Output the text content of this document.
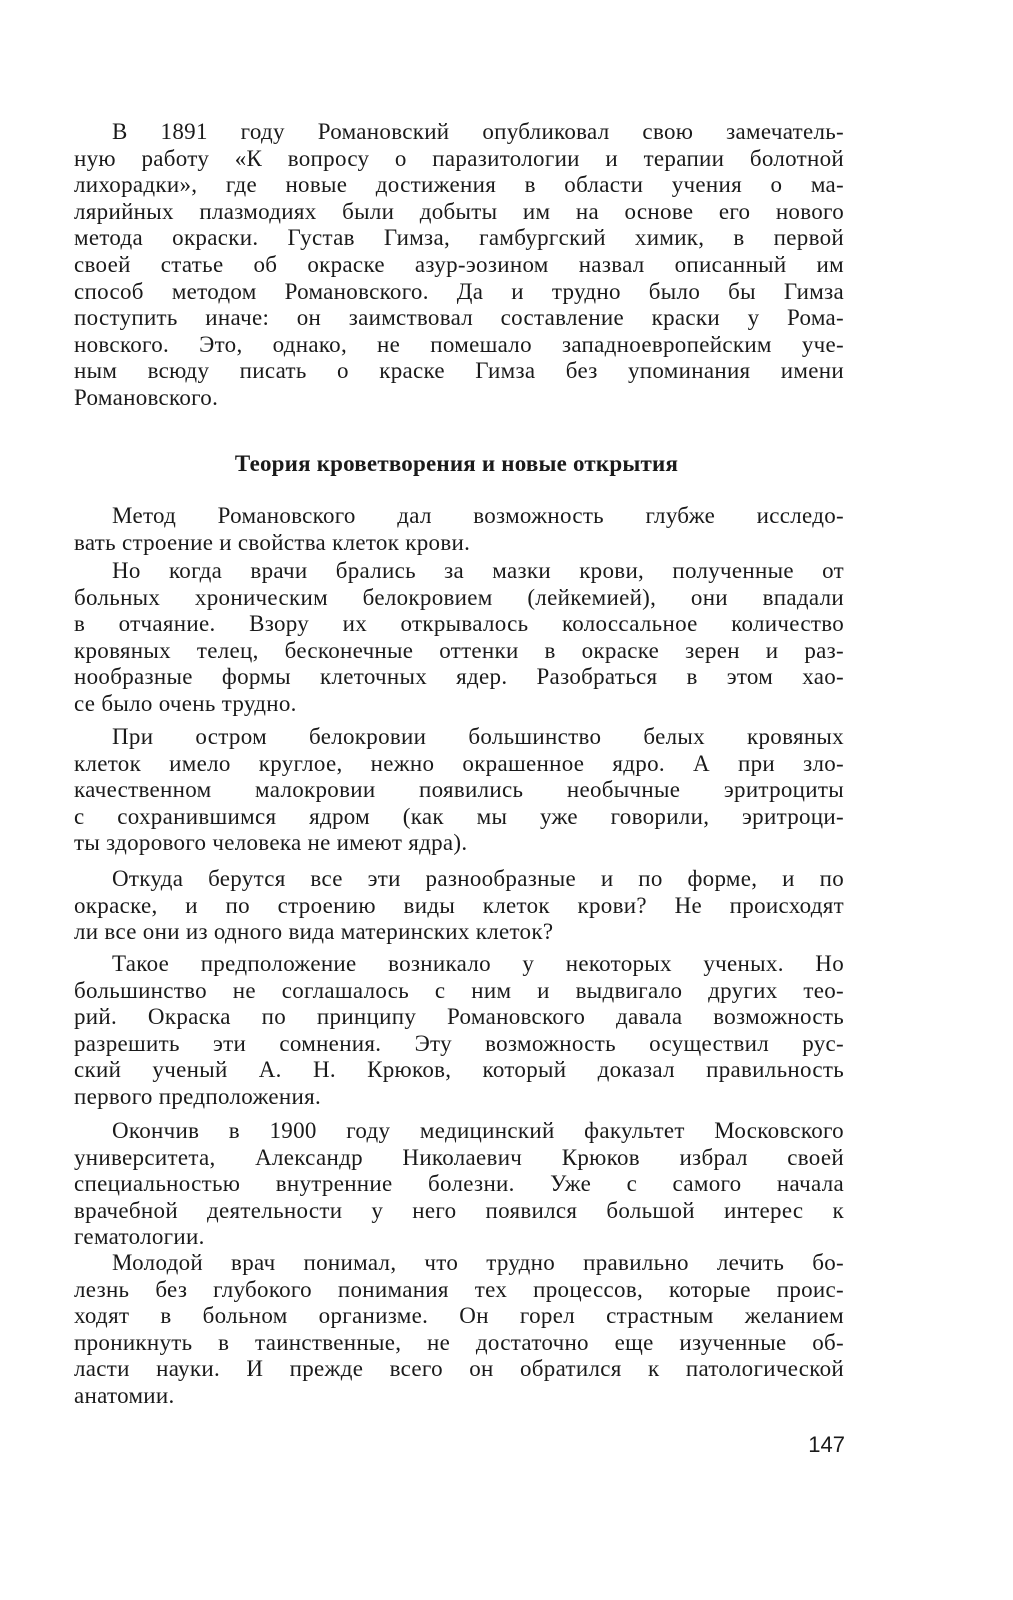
В 1891 году Романовский опубликовал свою замечатель-
ную работу «К вопросу о паразитологии и терапии болотной
лихорадки», где новые достижения в области учения о ма-
лярийных плазмодиях были добыты им на основе его нового
метода окраски. Густав Гимза, гамбургский химик, в первой
своей статье об окраске азур-эозином назвал описанный им
способ методом Романовского. Да и трудно было бы Гимза
поступить иначе: он заимствовал составление краски у Рома-
новского. Это, однако, не помешало западноевропейским уче-
ным всюду писать о краске Гимза без упоминания имени
Романовского.
Теория кроветворения и новые открытия
Метод Романовского дал возможность глубже исследо-
вать строение и свойства клеток крови.
Но когда врачи брались за мазки крови, полученные от
больных хроническим белокровием (лейкемией), они впадали
в отчаяние. Взору их открывалось колоссальное количество
кровяных телец, бесконечные оттенки в окраске зерен и раз-
нообразные формы клеточных ядер. Разобраться в этом хао-
се было очень трудно.
При остром белокровии большинство белых кровяных
клеток имело круглое, нежно окрашенное ядро. А при зло-
качественном малокровии появились необычные эритроциты
с сохранившимся ядром (как мы уже говорили, эритроци-
ты здорового человека не имеют ядра).
Откуда берутся все эти разнообразные и по форме, и по
окраске, и по строению виды клеток крови? Не происходят
ли все они из одного вида материнских клеток?
Такое предположение возникало у некоторых ученых. Но
большинство не соглашалось с ним и выдвигало других тео-
рий. Окраска по принципу Романовского давала возможность
разрешить эти сомнения. Эту возможность осуществил рус-
ский ученый А. Н. Крюков, который доказал правильность
первого предположения.
Окончив в 1900 году медицинский факультет Московского
университета, Александр Николаевич Крюков избрал своей
специальностью внутренние болезни. Уже с самого начала
врачебной деятельности у него появился большой интерес к
гематологии.
Молодой врач понимал, что трудно правильно лечить бо-
лезнь без глубокого понимания тех процессов, которые проис-
ходят в больном организме. Он горел страстным желанием
проникнуть в таинственные, не достаточно еще изученные об-
ласти науки. И прежде всего он обратился к патологической
анатомии.
147
